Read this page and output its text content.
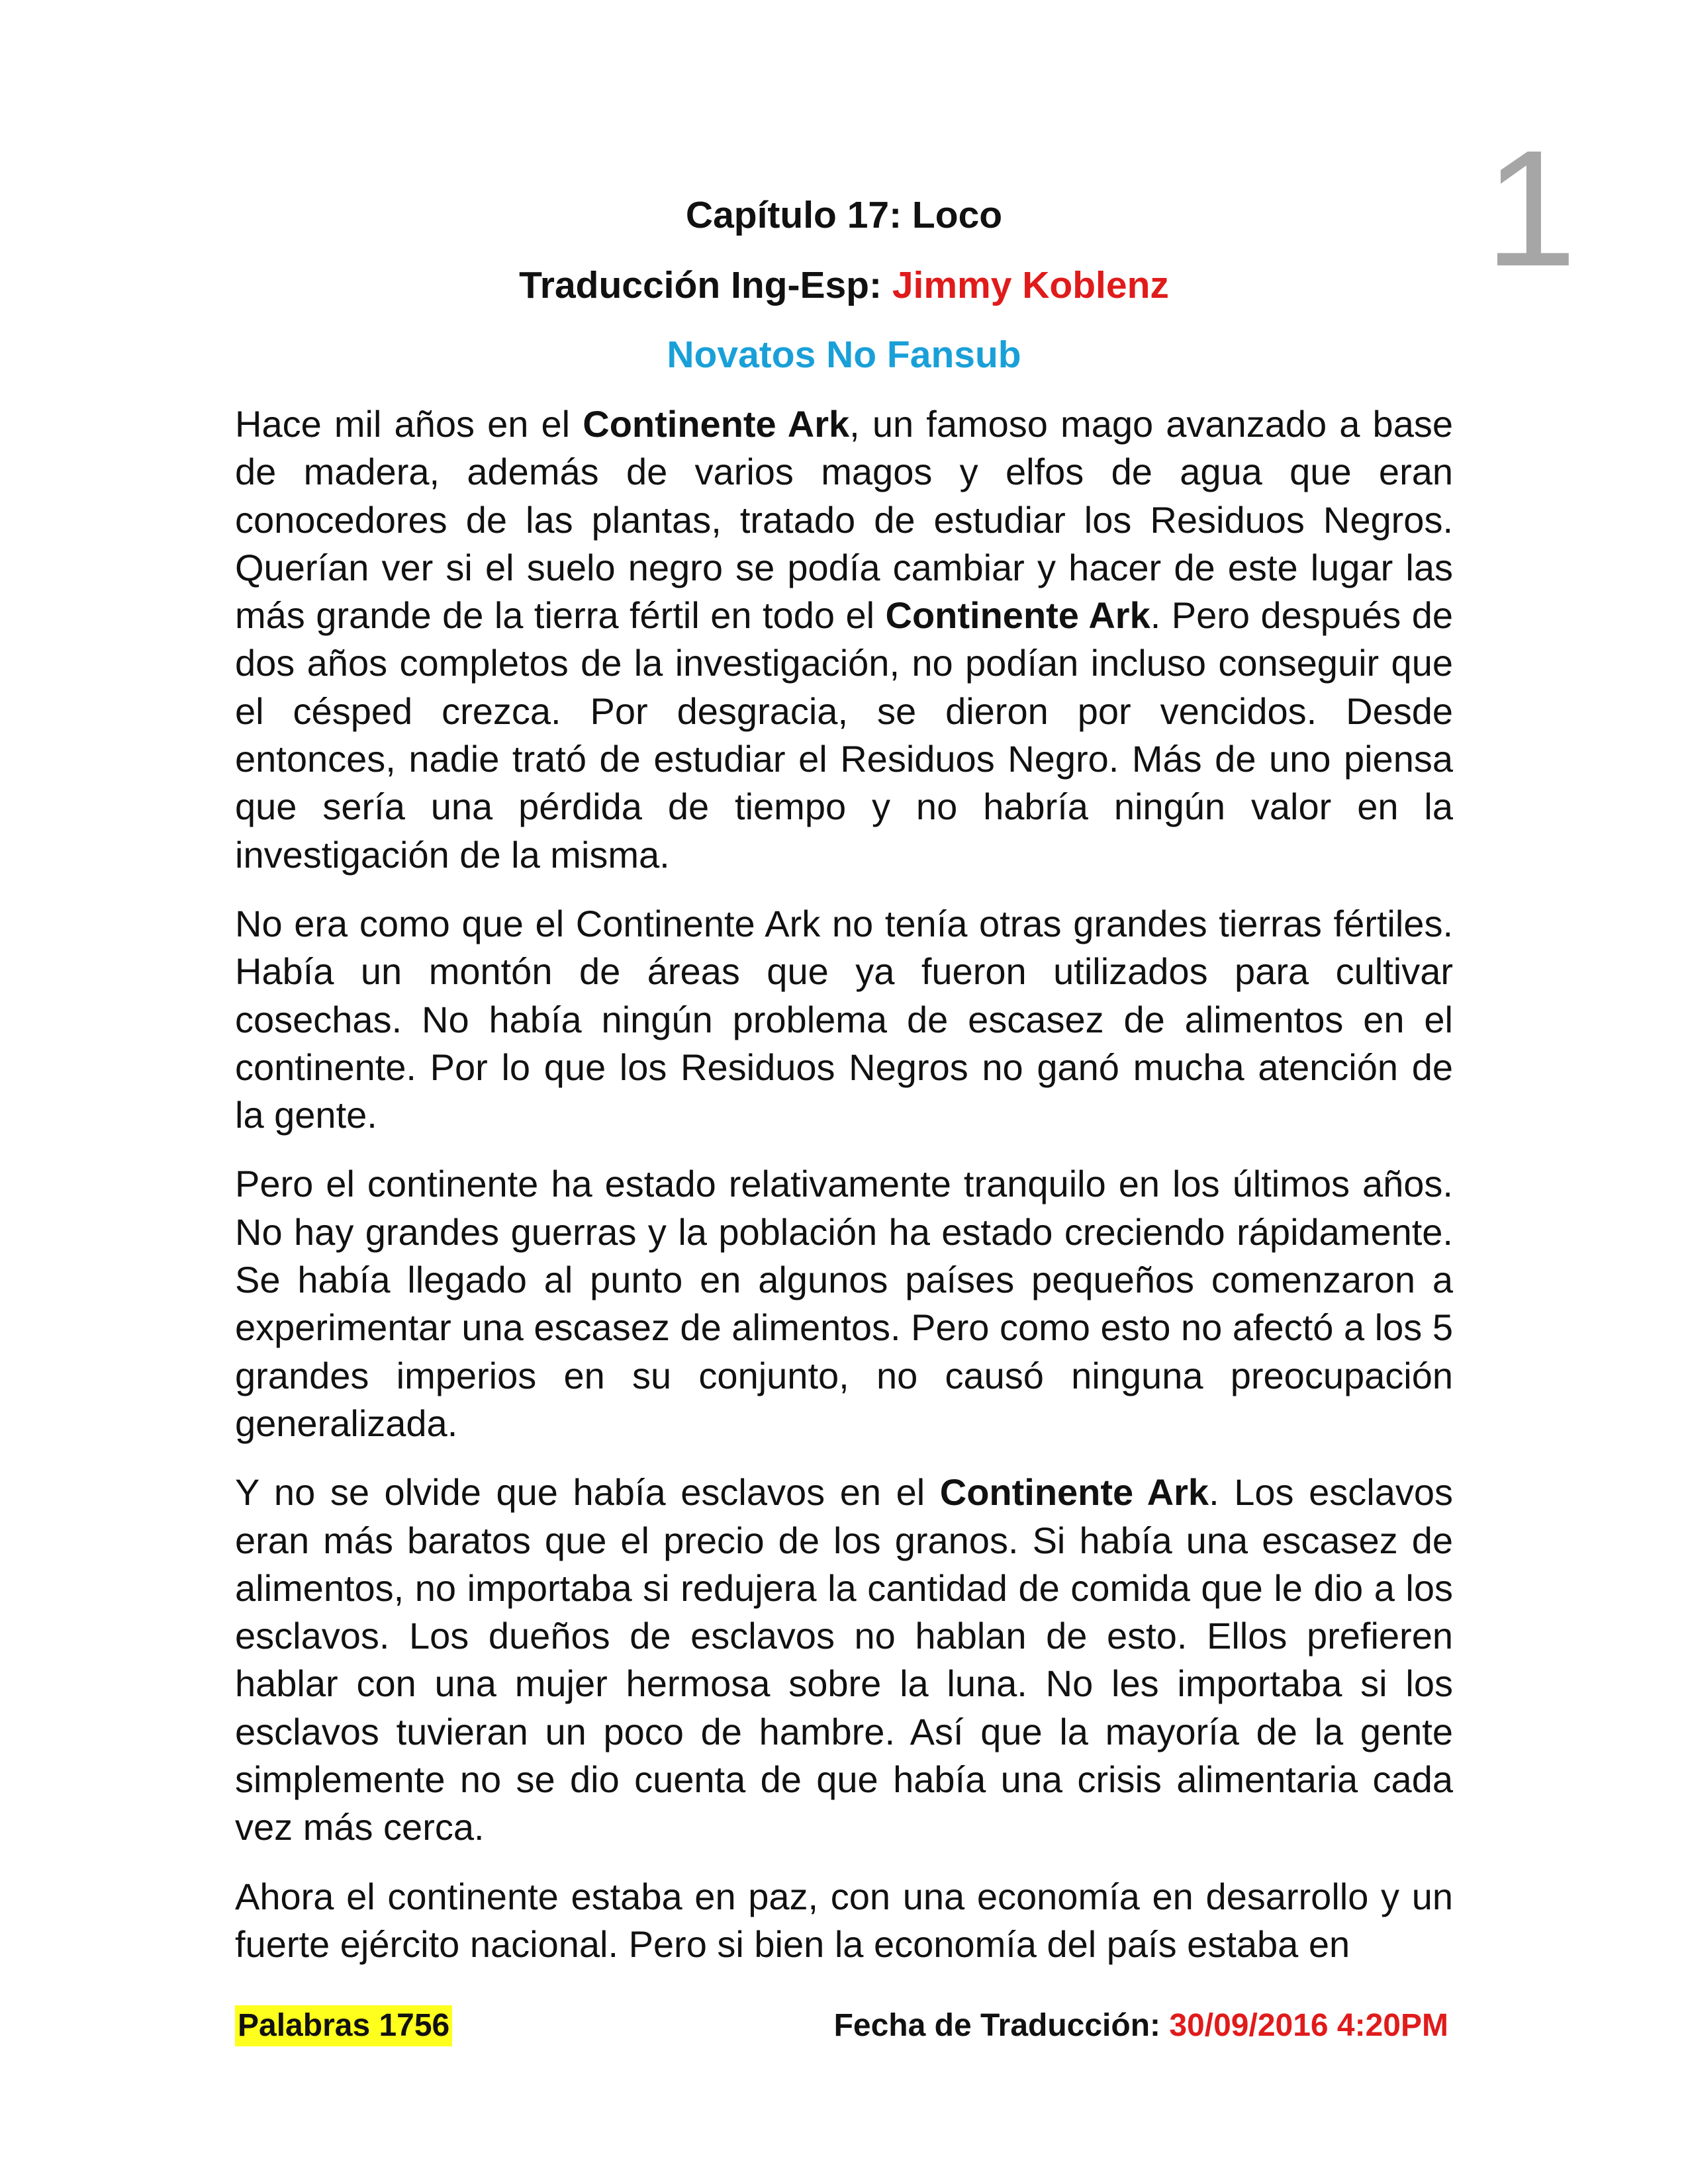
1
Capítulo 17: Loco
Traducción Ing-Esp: Jimmy Koblenz
Novatos No Fansub

Hace mil años en el Continente Ark, un famoso mago avanzado a base de madera, además de varios magos y elfos de agua que eran conocedores de las plantas, tratado de estudiar los Residuos Negros. Querían ver si el suelo negro se podía cambiar y hacer de este lugar las más grande de la tierra fértil en todo el Continente Ark. Pero después de dos años completos de la investigación, no podían incluso conseguir que el césped crezca. Por desgracia, se dieron por vencidos. Desde entonces, nadie trató de estudiar el Residuos Negro. Más de uno piensa que sería una pérdida de tiempo y no habría ningún valor en la investigación de la misma.

No era como que el Continente Ark no tenía otras grandes tierras fértiles. Había un montón de áreas que ya fueron utilizados para cultivar cosechas. No había ningún problema de escasez de alimentos en el continente. Por lo que los Residuos Negros no ganó mucha atención de la gente.

Pero el continente ha estado relativamente tranquilo en los últimos años. No hay grandes guerras y la población ha estado creciendo rápidamente. Se había llegado al punto en algunos países pequeños comenzaron a experimentar una escasez de alimentos. Pero como esto no afectó a los 5 grandes imperios en su conjunto, no causó ninguna preocupación generalizada.

Y no se olvide que había esclavos en el Continente Ark. Los esclavos eran más baratos que el precio de los granos. Si había una escasez de alimentos, no importaba si redujera la cantidad de comida que le dio a los esclavos. Los dueños de esclavos no hablan de esto. Ellos prefieren hablar con una mujer hermosa sobre la luna. No les importaba si los esclavos tuvieran un poco de hambre. Así que la mayoría de la gente simplemente no se dio cuenta de que había una crisis alimentaria cada vez más cerca.

Ahora el continente estaba en paz, con una economía en desarrollo y un fuerte ejército nacional. Pero si bien la economía del país estaba en

Palabras 1756	Fecha de Traducción: 30/09/2016 4:20PM
